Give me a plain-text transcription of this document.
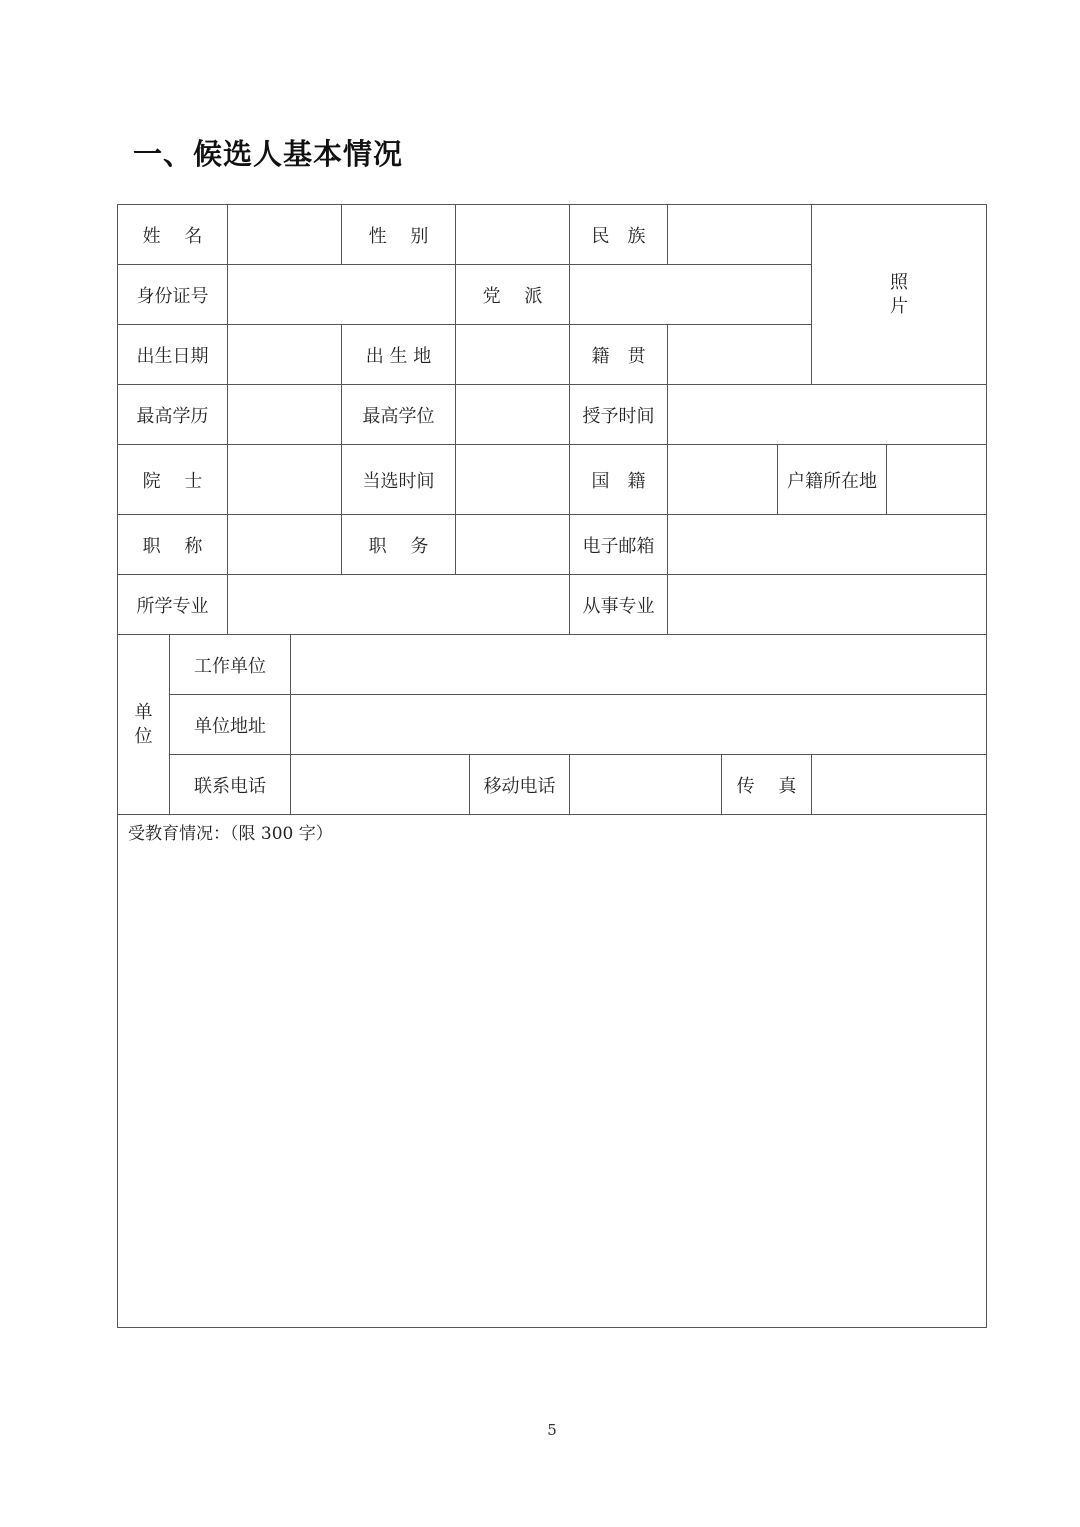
一、候选人基本情况
姓　 名	性　 别	民　族
照
片
身份证号	党　 派
出生日期	出 生 地	籍　贯
最高学历	最高学位	授予时间
院　 士	当选时间	国　籍	户籍所在地
职　 称	职　 务	电子邮箱
所学专业	从事专业
单
位
工作单位
单位地址
联系电话	移动电话	传　 真
受教育情况：（限 300 字）
5
